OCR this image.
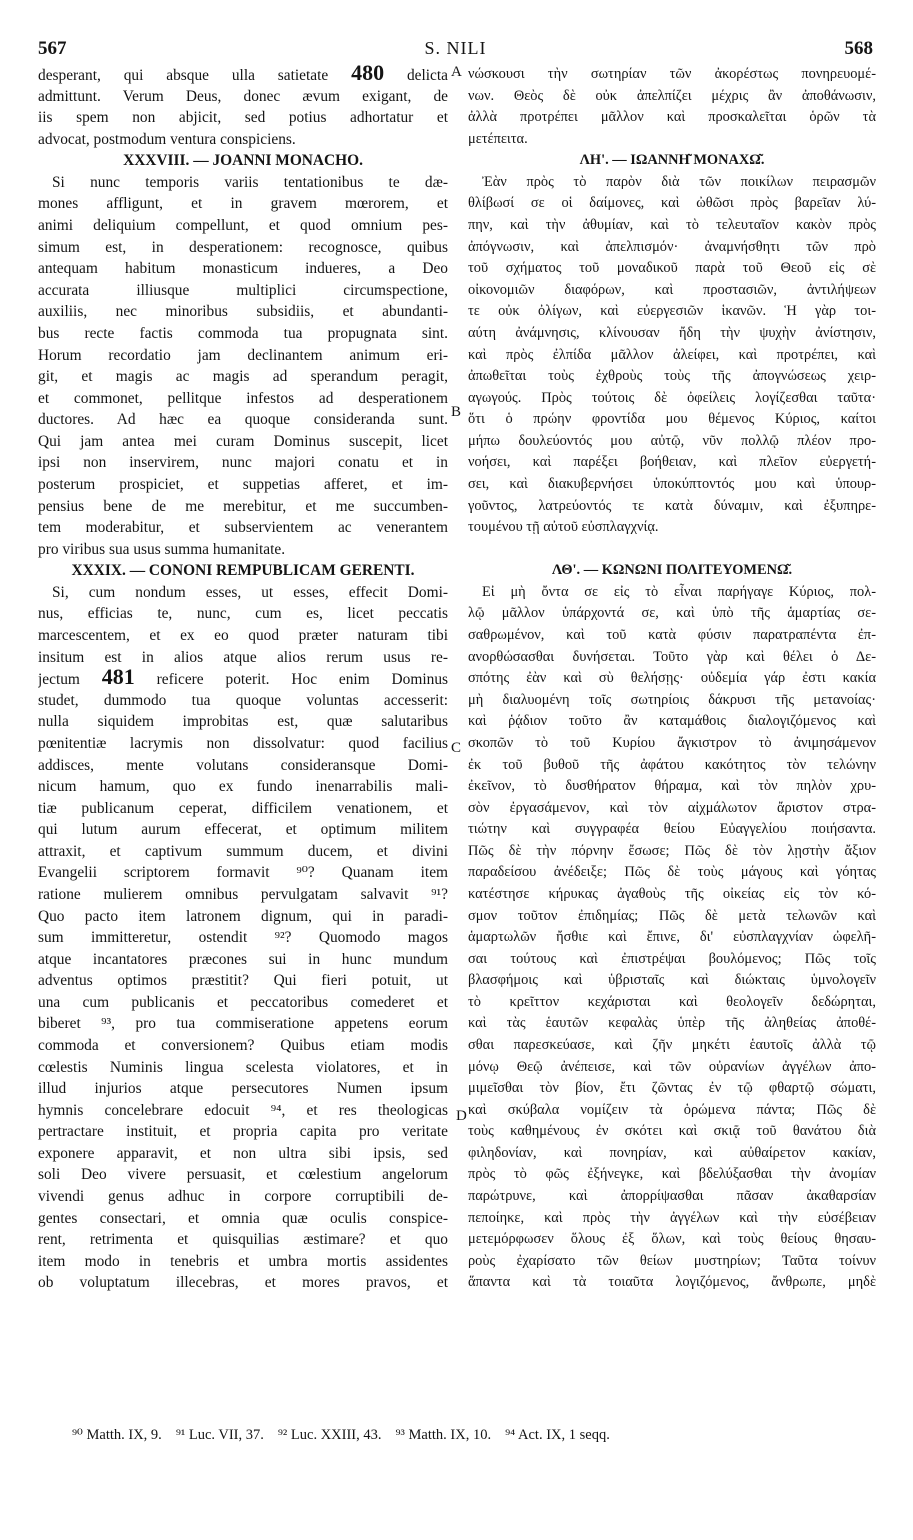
567	S. NILI	568
desperant, qui absque ulla satietate 480 delicta
admittunt. Verum Deus, donec ævum exigant, de
iis spem non abjicit, sed potius adhortatur et
advocat, postmodum ventura conspiciens.
XXXVIII. — JOANNI MONACHO.
Si nunc temporis variis tentationibus te dæ-
mones affligunt, et in gravem mœrorem, et
animi deliquium compellunt, et quod omnium pes-
simum est, in desperationem: recognosce, quibus
antequam habitum monasticum indueres, a Deo
accurata illiusque multiplici circumspectione,
auxiliis, nec minoribus subsidiis, et abundanti-
bus recte factis commoda tua propugnata sint.
Horum recordatio jam declinantem animum eri-
git, et magis ac magis ad sperandum peragit,
et commonet, pellitque infestos ad desperationem
ductores. Ad hæc ea quoque consideranda sunt.
Qui jam antea mei curam Dominus suscepit, licet
ipsi non inservirem, nunc majori conatu et in
posterum prospiciet, et suppetias afferet, et im-
pensius bene de me merebitur, et me succumben-
tem moderabitur, et subservientem ac venerantem
pro viribus sua usus summa humanitate.
XXXIX. — CONONI REMPUBLICAM GERENTI.
Si, cum nondum esses, ut esses, effecit Domi-
nus, efficias te, nunc, cum es, licet peccatis
marcescentem, et ex eo quod præter naturam tibi
insitum est in alios atque alios rerum usus re-
jectum 481 reficere poterit. Hoc enim Dominus
studet, dummodo tua quoque voluntas accesserit:
nulla siquidem improbitas est, quæ salutaribus
pœnitentiæ lacrymis non dissolvatur: quod facilius
addisces, mente volutans consideransque Domi-
nicum hamum, quo ex fundo inenarrabilis mali-
tiæ publicanum ceperat, difficilem venationem, et
qui lutum aurum effecerat, et optimum militem
attraxit, et captivum summum ducem, et divini
Evangelii scriptorem formavit ⁹⁰? Quanam item
ratione mulierem omnibus pervulgatam salvavit ⁹¹?
Quo pacto item latronem dignum, qui in paradi-
sum immitteretur, ostendit ⁹²? Quomodo magos
atque incantatores præcones sui in hunc mundum
adventus optimos præstitit? Qui fieri potuit, ut
una cum publicanis et peccatoribus comederet et
biberet ⁹³, pro tua commiseratione appetens eorum
commoda et conversionem? Quibus etiam modis
cœlestis Numinis lingua scelesta violatores, et in
illud injurios atque persecutores Numen ipsum
hymnis concelebrare edocuit ⁹⁴, et res theologicas
pertractare instituit, et propria capita pro veritate
exponere apparavit, et non ultra sibi ipsis, sed
soli Deo vivere persuasit, et cœlestium angelorum
vivendi genus adhuc in corpore corruptibili de-
gentes consectari, et omnia quæ oculis conspice-
rent, retrimenta et quisquilias æstimare? et quo
item modo in tenebris et umbra mortis assidentes
ob voluptatum illecebras, et mores pravos, et
νώσκουσι τὴν σωτηρίαν τῶν ἀκορέστως πονηρευομέ-
νων. Θεὸς δὲ οὐκ ἀπελπίζει μέχρις ἂν ἀποθάνωσιν,
ἀλλὰ προτρέπει μᾶλλον καὶ προσκαλεῖται ὁρῶν τὰ
μετέπειτα.
ΛΗ'. — ΙΩΑΝΝΗ͂ ΜΟΝΑΧΩ͂.
Ἐὰν πρὸς τὸ παρὸν διὰ τῶν ποικίλων πειρασμῶν
θλίβωσί σε οἱ δαίμονες, καὶ ὠθῶσι πρὸς βαρεῖαν λύ-
πην, καὶ τὴν ἀθυμίαν, καὶ τὸ τελευταῖον κακὸν πρὸς
ἀπόγνωσιν, καὶ ἀπελπισμόν· ἀναμνήσθητι τῶν πρὸ
τοῦ σχήματος τοῦ μοναδικοῦ παρὰ τοῦ Θεοῦ εἰς σὲ
οἰκονομιῶν διαφόρων, καὶ προστασιῶν, ἀντιλήψεων
τε οὐκ ὀλίγων, καὶ εὐεργεσιῶν ἱκανῶν. Ἡ γὰρ τοι-
αύτη ἀνάμνησις, κλίνουσαν ἤδη τὴν ψυχὴν ἀνίστησιν,
καὶ πρὸς ἐλπίδα μᾶλλον ἀλείφει, καὶ προτρέπει, καὶ
ἀπωθεῖται τοὺς ἐχθροὺς τοὺς τῆς ἀπογνώσεως χειρ-
αγωγούς. Πρὸς τούτοις δὲ ὀφείλεις λογίζεσθαι ταῦτα·
ὅτι ὁ πρώην φροντίδα μου θέμενος Κύριος, καίτοι
μήπω δουλεύοντός μου αὐτῷ, νῦν πολλῷ πλέον προ-
νοήσει, καὶ παρέξει βοήθειαν, καὶ πλεῖον εὐεργετή-
σει, καὶ διακυβερνήσει ὑποκύπτοντός μου καὶ ὑπουρ-
γοῦντος, λατρεύοντός τε κατὰ δύναμιν, καὶ ἐξυπηρε-
τουμένου τῇ αὐτοῦ εὐσπλαγχνίᾳ.
ΛΘ'. — ΚΩΝΩΝΙ ΠΟΛΙΤΕΥΟΜΕΝΩ͂.
Εἰ μὴ ὄντα σε εἰς τὸ εἶναι παρήγαγε Κύριος, πολ-
λῷ μᾶλλον ὑπάρχοντά σε, καὶ ὑπὸ τῆς ἁμαρτίας σε-
σαθρωμένον, καὶ τοῦ κατὰ φύσιν παρατραπέντα ἐπ-
ανορθώσασθαι δυνήσεται. Τοῦτο γὰρ καὶ θέλει ὁ Δε-
σπότης ἐὰν καὶ σὺ θελήσῃς· οὐδεμία γάρ ἐστι κακία
μὴ διαλυομένη τοῖς σωτηρίοις δάκρυσι τῆς μετανοίας·
καὶ ῥᾴδιον τοῦτο ἂν καταμάθοις διαλογιζόμενος καὶ
σκοπῶν τὸ τοῦ Κυρίου ἄγκιστρον τὸ ἀνιμησάμενον
ἐκ τοῦ βυθοῦ τῆς ἀφάτου κακότητος τὸν τελώνην
ἐκεῖνον, τὸ δυσθήρατον θήραμα, καὶ τὸν πηλὸν χρυ-
σὸν ἐργασάμενον, καὶ τὸν αἰχμάλωτον ἄριστον στρα-
τιώτην καὶ συγγραφέα θείου Εὐαγγελίου ποιήσαντα.
Πῶς δὲ τὴν πόρνην ἔσωσε; Πῶς δὲ τὸν λῃστὴν ἄξιον
παραδείσου ἀνέδειξε; Πῶς δὲ τοὺς μάγους καὶ γόητας
κατέστησε κήρυκας ἀγαθοὺς τῆς οἰκείας εἰς τὸν κό-
σμον τοῦτον ἐπιδημίας; Πῶς δὲ μετὰ τελωνῶν καὶ
ἁμαρτωλῶν ἤσθιε καὶ ἔπινε, δι' εὐσπλαγχνίαν ὠφελῆ-
σαι τούτους καὶ ἐπιστρέψαι βουλόμενος; Πῶς τοῖς
βλασφήμοις καὶ ὑβρισταῖς καὶ διώκταις ὑμνολογεῖν
τὸ κρεῖττον κεχάρισται καὶ θεολογεῖν δεδώρηται,
καὶ τὰς ἑαυτῶν κεφαλὰς ὑπὲρ τῆς ἀληθείας ἀποθέ-
σθαι παρεσκεύασε, καὶ ζῆν μηκέτι ἑαυτοῖς ἀλλὰ τῷ
μόνῳ Θεῷ ἀνέπεισε, καὶ τῶν οὐρανίων ἀγγέλων ἀπο-
μιμεῖσθαι τὸν βίον, ἔτι ζῶντας ἐν τῷ φθαρτῷ σώματι,
καὶ σκύβαλα νομίζειν τὰ ὁρώμενα πάντα; Πῶς δὲ
τοὺς καθημένους ἐν σκότει καὶ σκιᾷ τοῦ θανάτου διὰ
φιληδονίαν, καὶ πονηρίαν, καὶ αὐθαίρετον κακίαν,
πρὸς τὸ φῶς ἐξήνεγκε, καὶ βδελύξασθαι τὴν ἀνομίαν
παρώτρυνε, καὶ ἀπορρίψασθαι πᾶσαν ἀκαθαρσίαν
πεποίηκε, καὶ πρὸς τὴν ἀγγέλων καὶ τὴν εὐσέβειαν
μετεμόρφωσεν ὅλους ἐξ ὅλων, καὶ τοὺς θείους θησαυ-
ροὺς ἐχαρίσατο τῶν θείων μυστηρίων; Ταῦτα τοίνυν
ἅπαντα καὶ τὰ τοιαῦτα λογιζόμενος, ἄνθρωπε, μηδὲ
A
B
C
D
⁹⁰ Matth. IX, 9. ⁹¹ Luc. VII, 37. ⁹² Luc. XXIII, 43. ⁹³ Matth. IX, 10. ⁹⁴ Act. IX, 1 seqq.
